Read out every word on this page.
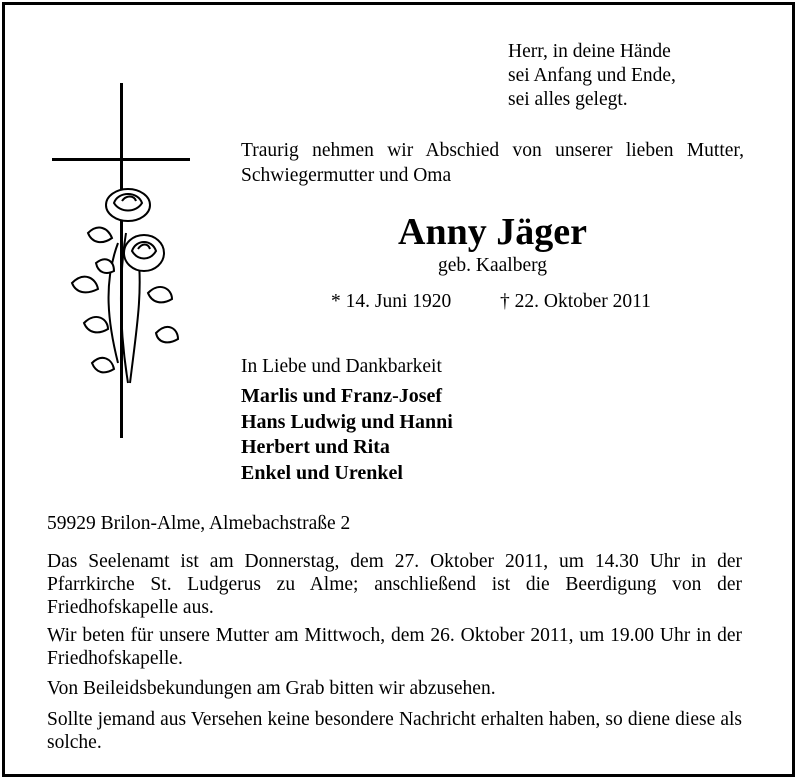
Herr, in deine Hände
sei Anfang und Ende,
sei alles gelegt.
Traurig nehmen wir Abschied von unserer lieben Mutter, Schwiegermutter und Oma
Anny Jäger
geb. Kaalberg
* 14. Juni 1920 † 22. Oktober 2011
In Liebe und Dankbarkeit
Marlis und Franz-Josef
Hans Ludwig und Hanni
Herbert und Rita
Enkel und Urenkel
59929 Brilon-Alme, Almebachstraße 2
Das Seelenamt ist am Donnerstag, dem 27. Oktober 2011, um 14.30 Uhr in der Pfarrkirche St. Ludgerus zu Alme; anschließend ist die Beerdigung von der Friedhofskapelle aus.
Wir beten für unsere Mutter am Mittwoch, dem 26. Oktober 2011, um 19.00 Uhr in der Friedhofskapelle.
Von Beileidsbekundungen am Grab bitten wir abzusehen.
Sollte jemand aus Versehen keine besondere Nachricht erhalten haben, so diene diese als solche.
